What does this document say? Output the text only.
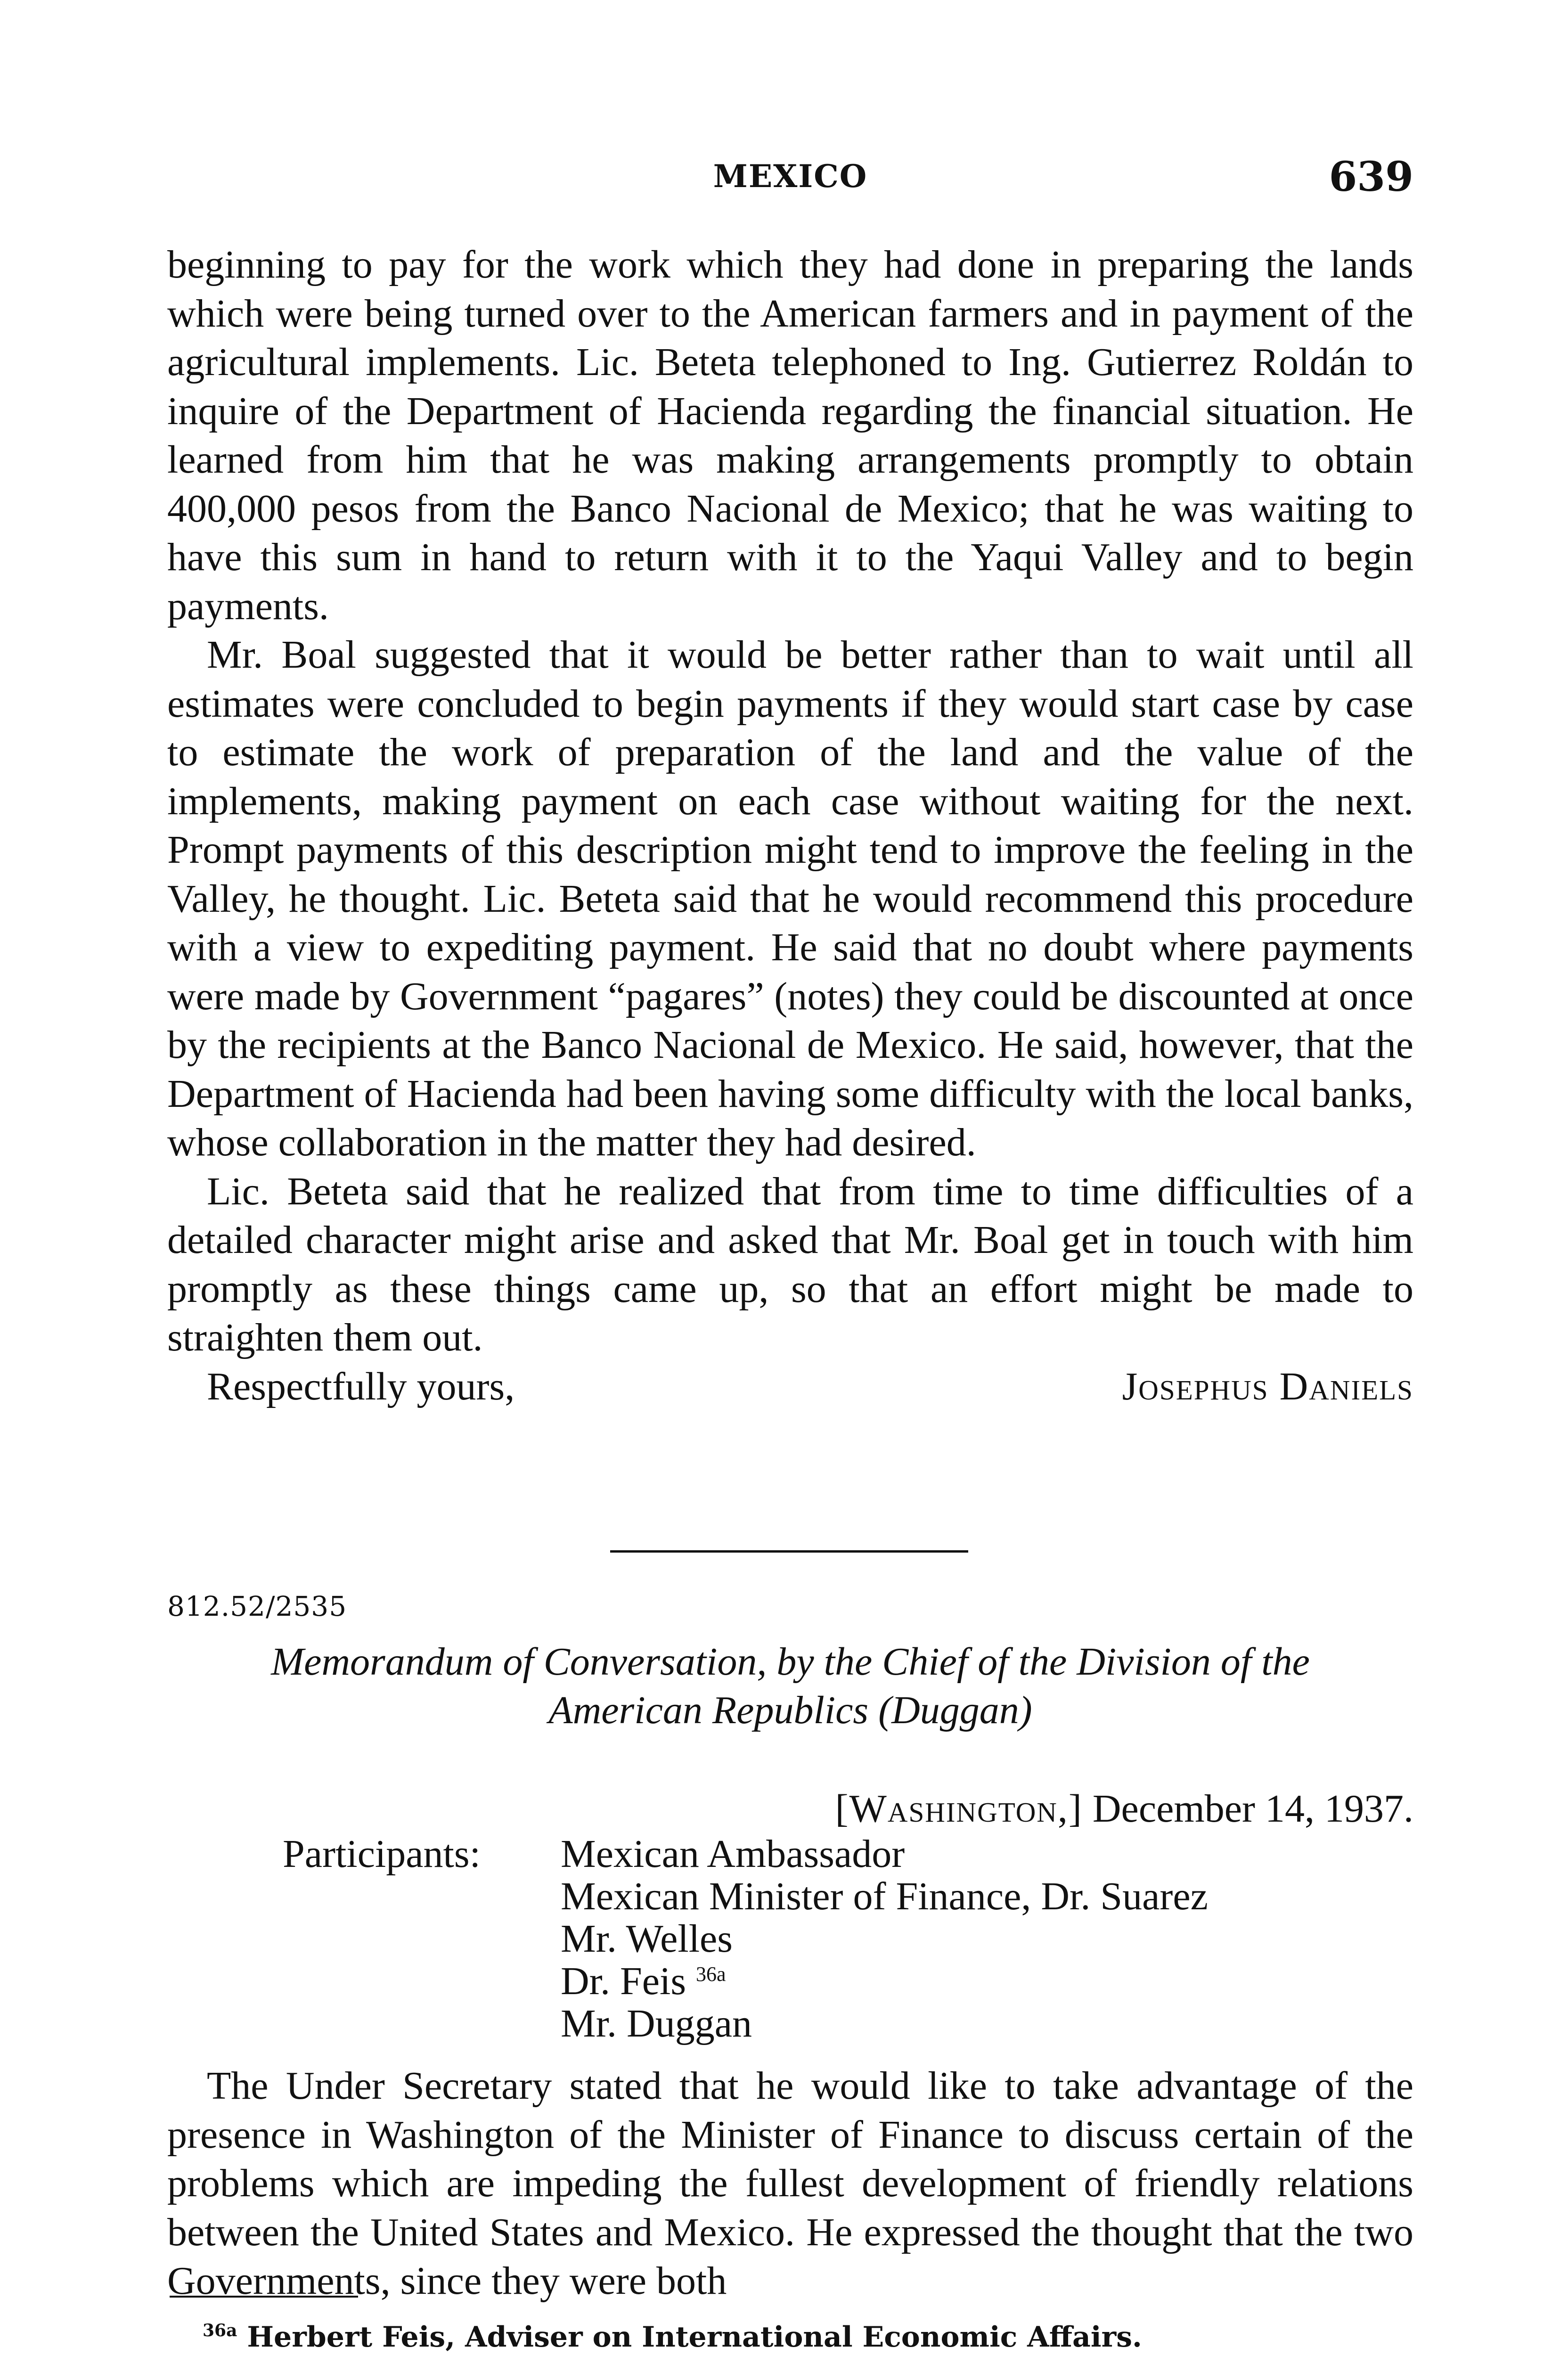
MEXICO	639

beginning to pay for the work which they had done in preparing the lands which were being turned over to the American farmers and in payment of the agricultural implements. Lic. Beteta telephoned to Ing. Gutierrez Roldán to inquire of the Department of Hacienda regarding the financial situation. He learned from him that he was making arrangements promptly to obtain 400,000 pesos from the Banco Nacional de Mexico; that he was waiting to have this sum in hand to return with it to the Yaqui Valley and to begin payments.

Mr. Boal suggested that it would be better rather than to wait until all estimates were concluded to begin payments if they would start case by case to estimate the work of preparation of the land and the value of the implements, making payment on each case without waiting for the next. Prompt payments of this description might tend to improve the feeling in the Valley, he thought. Lic. Beteta said that he would recommend this procedure with a view to expediting payment. He said that no doubt where payments were made by Government “pagares” (notes) they could be discounted at once by the recipients at the Banco Nacional de Mexico. He said, however, that the Department of Hacienda had been having some difficulty with the local banks, whose collaboration in the matter they had desired.

Lic. Beteta said that he realized that from time to time difficulties of a detailed character might arise and asked that Mr. Boal get in touch with him promptly as these things came up, so that an effort might be made to straighten them out.

Respectfully yours,	Josephus Daniels
812.52/2535
Memorandum of Conversation, by the Chief of the Division of the
American Republics (Duggan)
[Washington,] December 14, 1937.
Participants:	Mexican Ambassador
Mexican Minister of Finance, Dr. Suarez
Mr. Welles
Dr. Feis $^{36a}$
Mr. Duggan

The Under Secretary stated that he would like to take advantage of the presence in Washington of the Minister of Finance to discuss certain of the problems which are impeding the fullest development of friendly relations between the United States and Mexico. He expressed the thought that the two Governments, since they were both

$^{36a}$ Herbert Feis, Adviser on International Economic Affairs.
